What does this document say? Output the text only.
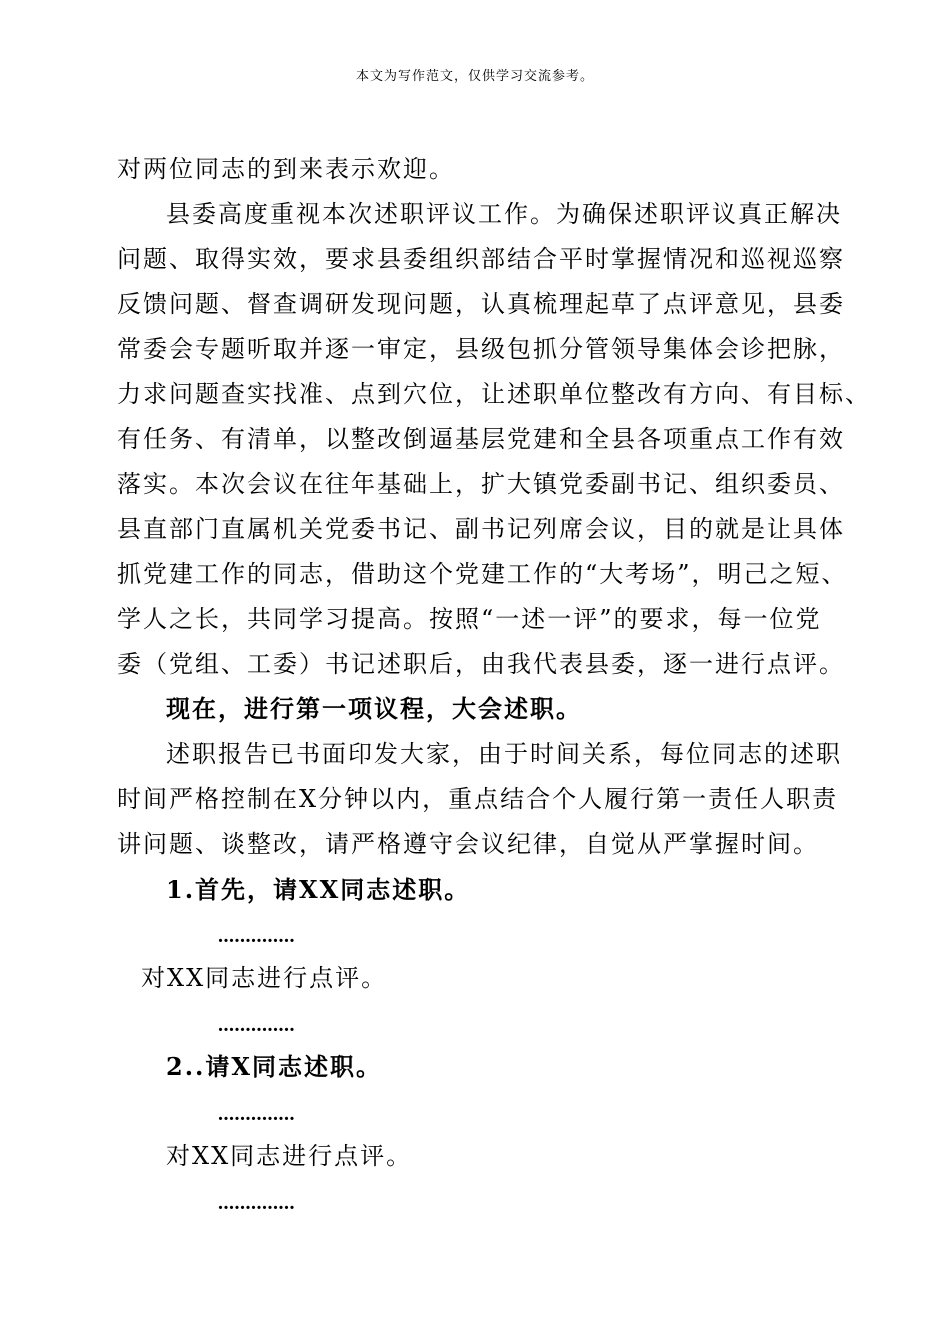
本文为写作范文，仅供学习交流参考。
对两位同志的到来表示欢迎。
县委高度重视本次述职评议工作。为确保述职评议真正解决
问题、取得实效，要求县委组织部结合平时掌握情况和巡视巡察
反馈问题、督查调研发现问题，认真梳理起草了点评意见，县委
常委会专题听取并逐一审定，县级包抓分管领导集体会诊把脉，
力求问题查实找准、点到穴位，让述职单位整改有方向、有目标、
有任务、有清单，以整改倒逼基层党建和全县各项重点工作有效
落实。本次会议在往年基础上，扩大镇党委副书记、组织委员、
县直部门直属机关党委书记、副书记列席会议，目的就是让具体
抓党建工作的同志，借助这个党建工作的“大考场”，明己之短、
学人之长，共同学习提高。按照“一述一评”的要求，每一位党
委（党组、工委）书记述职后，由我代表县委，逐一进行点评。
现在，进行第一项议程，大会述职。
述职报告已书面印发大家，由于时间关系，每位同志的述职
时间严格控制在X分钟以内，重点结合个人履行第一责任人职责
讲问题、谈整改，请严格遵守会议纪律，自觉从严掌握时间。
1.首先，请XX同志述职。
..............
对XX同志进行点评。
..............
2..请X同志述职。
..............
对XX同志进行点评。
..............
